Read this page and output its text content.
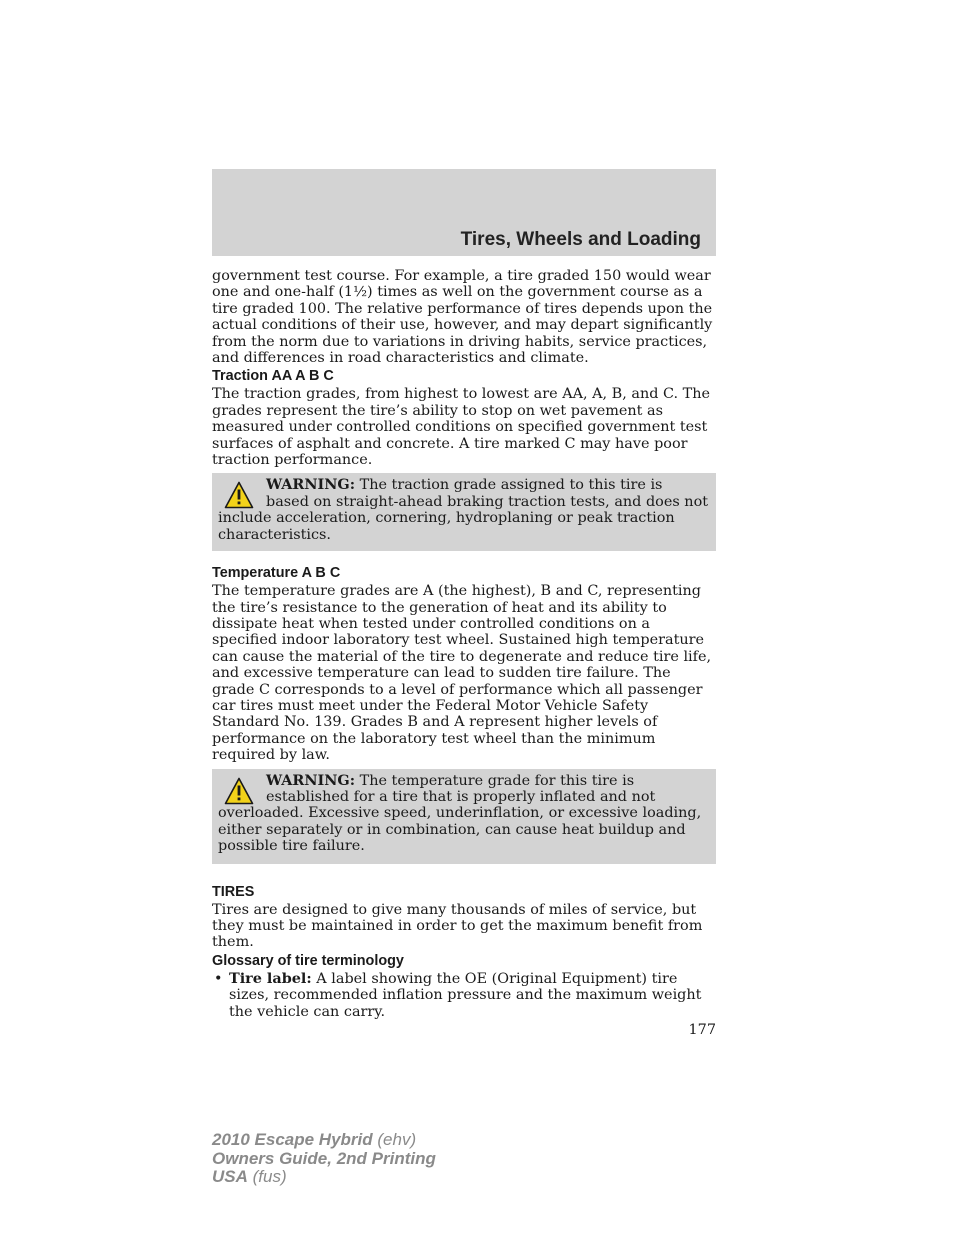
Tires, Wheels and Loading

government test course. For example, a tire graded 150 would wear one and one-half (1½) times as well on the government course as a tire graded 100. The relative performance of tires depends upon the actual conditions of their use, however, and may depart significantly from the norm due to variations in driving habits, service practices, and differences in road characteristics and climate.

Traction AA A B C

The traction grades, from highest to lowest are AA, A, B, and C. The grades represent the tire’s ability to stop on wet pavement as measured under controlled conditions on specified government test surfaces of asphalt and concrete. A tire marked C may have poor traction performance.

WARNING: The traction grade assigned to this tire is based on straight-ahead braking traction tests, and does not include acceleration, cornering, hydroplaning or peak traction characteristics.
Temperature A B C

The temperature grades are A (the highest), B and C, representing the tire’s resistance to the generation of heat and its ability to dissipate heat when tested under controlled conditions on a specified indoor laboratory test wheel. Sustained high temperature can cause the material of the tire to degenerate and reduce tire life, and excessive temperature can lead to sudden tire failure. The grade C corresponds to a level of performance which all passenger car tires must meet under the Federal Motor Vehicle Safety Standard No. 139. Grades B and A represent higher levels of performance on the laboratory test wheel than the minimum required by law.

WARNING: The temperature grade for this tire is established for a tire that is properly inflated and not overloaded. Excessive speed, underinflation, or excessive loading, either separately or in combination, can cause heat buildup and possible tire failure.
TIRES

Tires are designed to give many thousands of miles of service, but they must be maintained in order to get the maximum benefit from them.

Glossary of tire terminology
• Tire label: A label showing the OE (Original Equipment) tire sizes, recommended inflation pressure and the maximum weight the vehicle can carry.
177
2010 Escape Hybrid (ehv)
Owners Guide, 2nd Printing
USA (fus)
